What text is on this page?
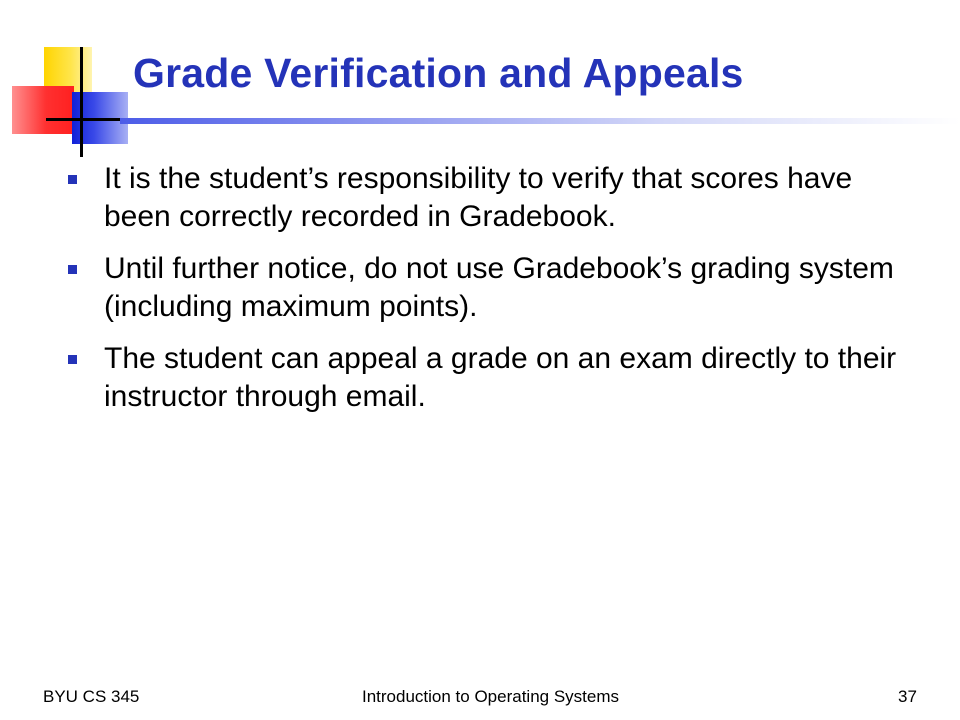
Grade Verification and Appeals
It is the student’s responsibility to verify that scores have been correctly recorded in Gradebook.
Until further notice, do not use Gradebook’s grading system (including maximum points).
The student can appeal a grade on an exam directly to their instructor through email.
BYU CS 345	Introduction to Operating Systems	37
